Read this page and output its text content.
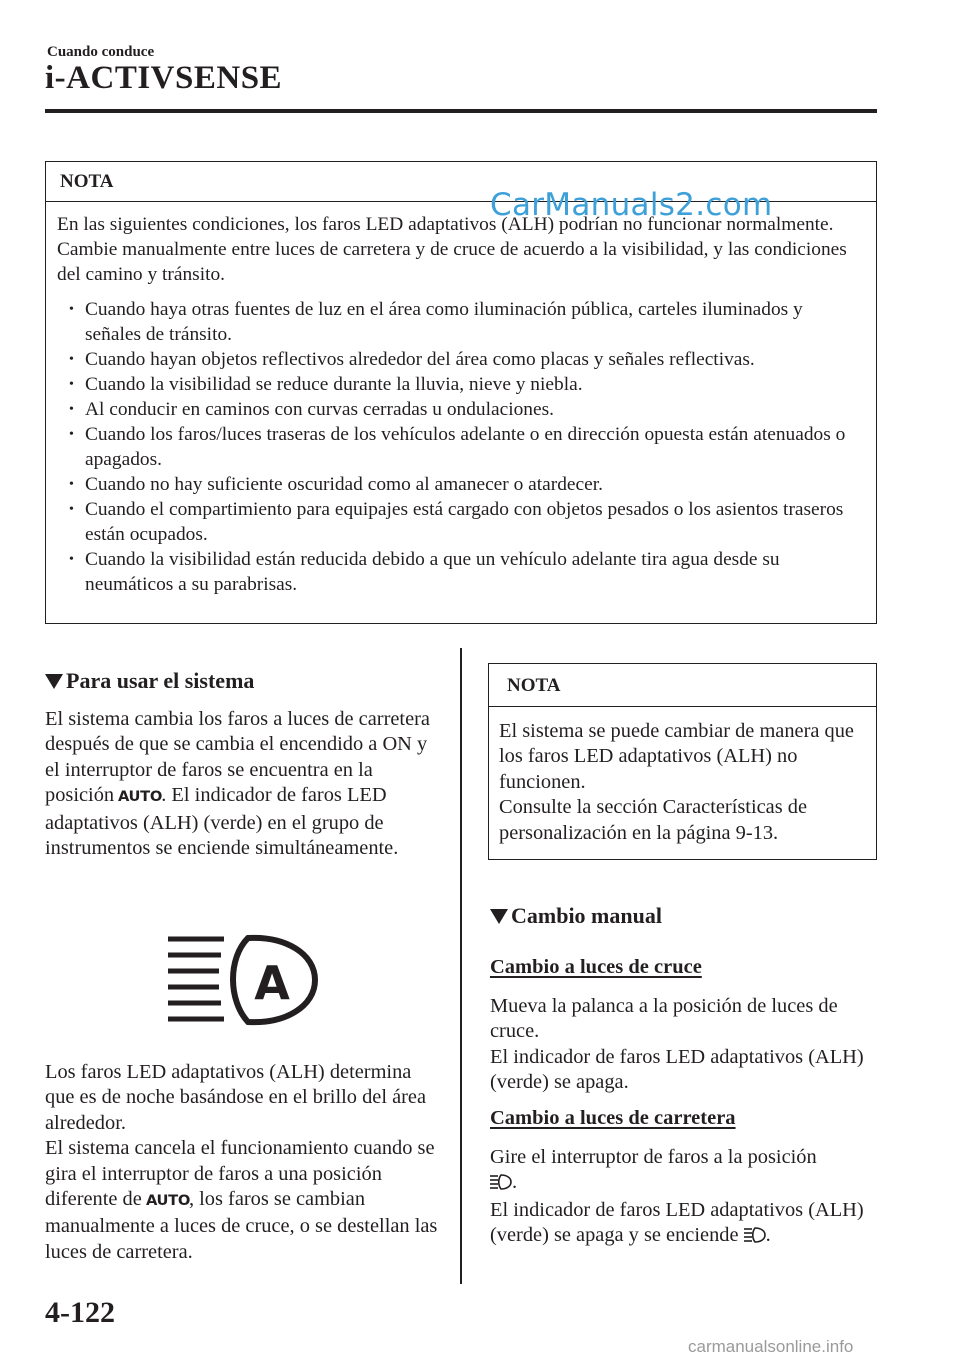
Cuando conduce
i-ACTIVSENSE
NOTA

En las siguientes condiciones, los faros LED adaptativos (ALH) podrían no funcionar normalmente. Cambie manualmente entre luces de carretera y de cruce de acuerdo a la visibilidad, y las condiciones del camino y tránsito.

• Cuando haya otras fuentes de luz en el área como iluminación pública, carteles iluminados y señales de tránsito.
• Cuando hayan objetos reflectivos alrededor del área como placas y señales reflectivas.
• Cuando la visibilidad se reduce durante la lluvia, nieve y niebla.
• Al conducir en caminos con curvas cerradas u ondulaciones.
• Cuando los faros/luces traseras de los vehículos adelante o en dirección opuesta están atenuados o apagados.
• Cuando no hay suficiente oscuridad como al amanecer o atardecer.
• Cuando el compartimiento para equipajes está cargado con objetos pesados o los asientos traseros están ocupados.
• Cuando la visibilidad están reducida debido a que un vehículo adelante tira agua desde su neumáticos a su parabrisas.
CarManuals2.com
Para usar el sistema

El sistema cambia los faros a luces de carretera después de que se cambia el encendido a ON y el interruptor de faros se encuentra en la posición AUTO. El indicador de faros LED adaptativos (ALH) (verde) en el grupo de instrumentos se enciende simultáneamente.

A

Los faros LED adaptativos (ALH) determina que es de noche basándose en el brillo del área alrededor.

El sistema cancela el funcionamiento cuando se gira el interruptor de faros a una posición diferente de AUTO, los faros se cambian manualmente a luces de cruce, o se destellan las luces de carretera.

NOTA

El sistema se puede cambiar de manera que los faros LED adaptativos (ALH) no funcionen.

Consulte la sección Características de personalización en la página 9-13.

Cambio manual
Cambio a luces de cruce

Mueva la palanca a la posición de luces de cruce.

El indicador de faros LED adaptativos (ALH) (verde) se apaga.

Cambio a luces de carretera

Gire el interruptor de faros a la posición
.

El indicador de faros LED adaptativos (ALH) (verde) se apaga y se enciende .

4-122
carmanualsonline.info
